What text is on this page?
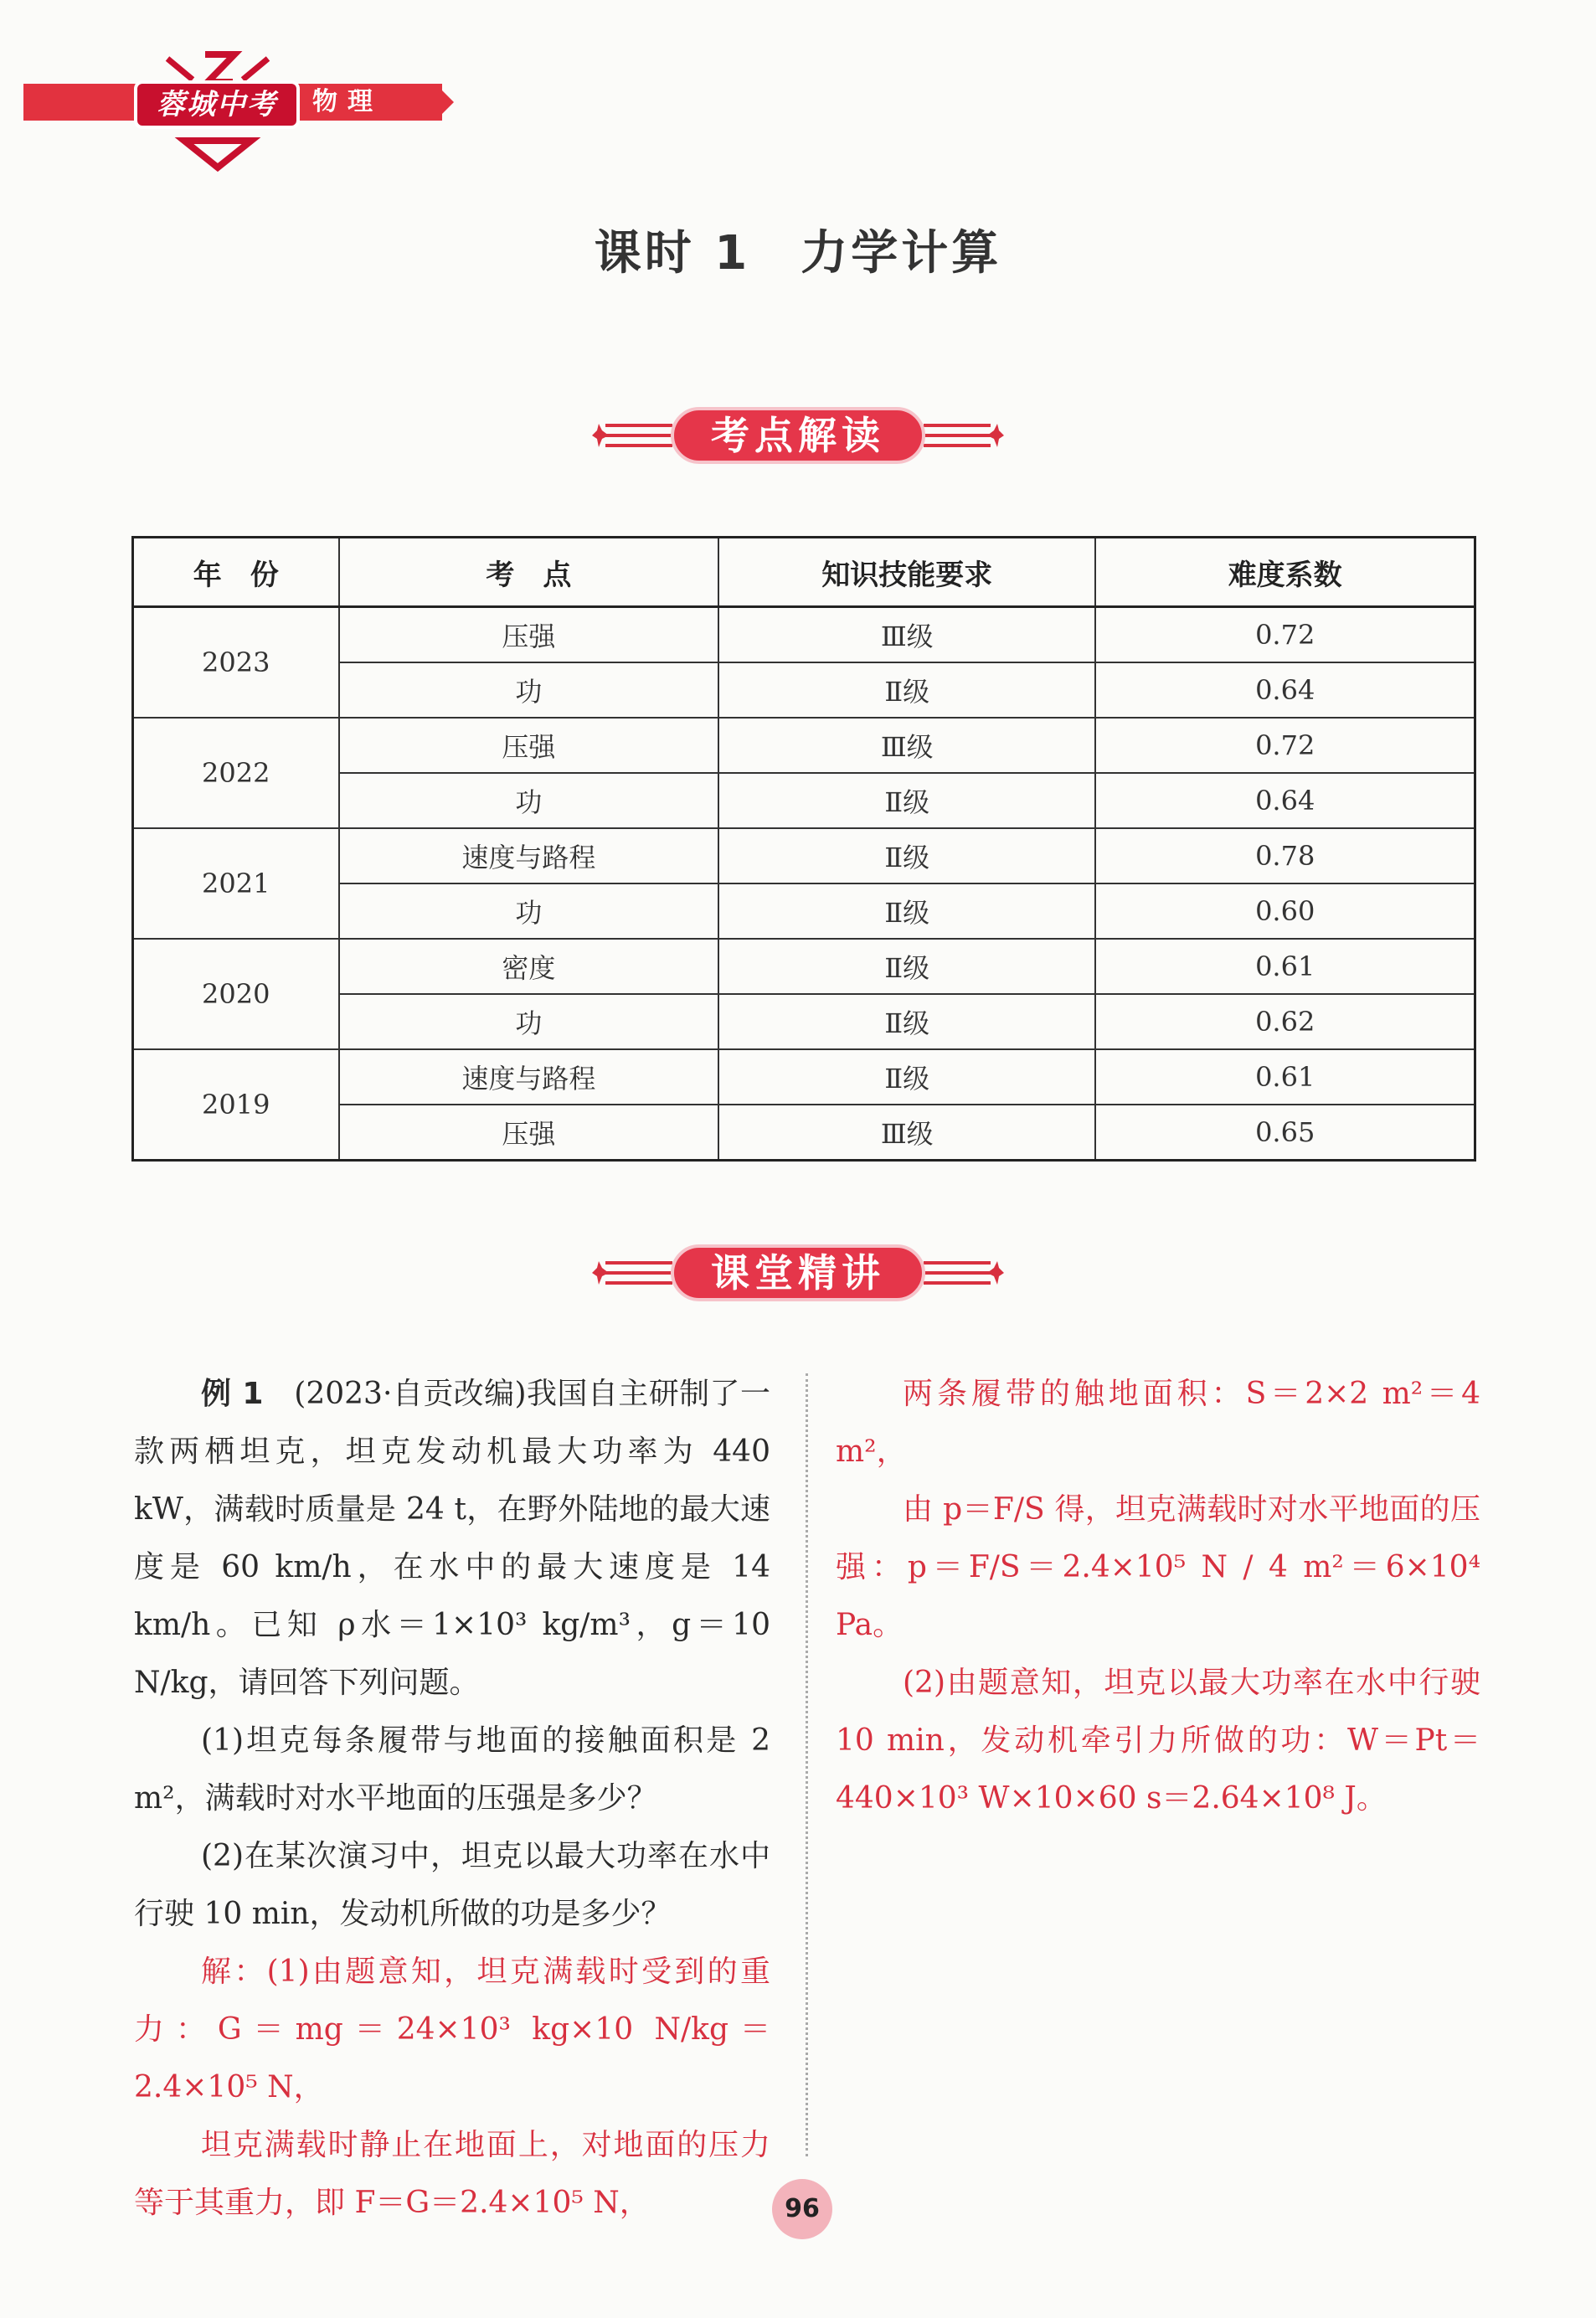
蓉城中考	物理
课时 1　力学计算
考点解读
年　份	考　点	知识技能要求	难度系数
2023	压强	Ⅲ级	0.72
	功	Ⅱ级	0.64
2022	压强	Ⅲ级	0.72
	功	Ⅱ级	0.64
2021	速度与路程	Ⅱ级	0.78
	功	Ⅱ级	0.60
2020	密度	Ⅱ级	0.61
	功	Ⅱ级	0.62
2019	速度与路程	Ⅱ级	0.61
	压强	Ⅲ级	0.65
课堂精讲

例 1　 (2023·自贡改编)我国自主研制了一款两栖坦克，坦克发动机最大功率为 440 kW，满载时质量是 24 t，在野外陆地的最大速度是 60 km/h，在水中的最大速度是 14 km/h。已知 ρ水＝1×10³ kg/m³，g＝10 N/kg，请回答下列问题。

(1)坦克每条履带与地面的接触面积是 2 m²，满载时对水平地面的压强是多少？

(2)在某次演习中，坦克以最大功率在水中行驶 10 min，发动机所做的功是多少？

解：(1)由题意知，坦克满载时受到的重力：G＝mg＝24×10³ kg×10 N/kg＝2.4×10⁵ N，

坦克满载时静止在地面上，对地面的压力等于其重力，即 F＝G＝2.4×10⁵ N，

两条履带的触地面积：S＝2×2 m²＝4 m²，

由 p＝F/S 得，坦克满载时对水平地面的压强：p＝F/S＝2.4×10⁵ N / 4 m²＝6×10⁴ Pa。

(2)由题意知，坦克以最大功率在水中行驶 10 min，发动机牵引力所做的功：W＝Pt＝440×10³ W×10×60 s＝2.64×10⁸ J。

96
